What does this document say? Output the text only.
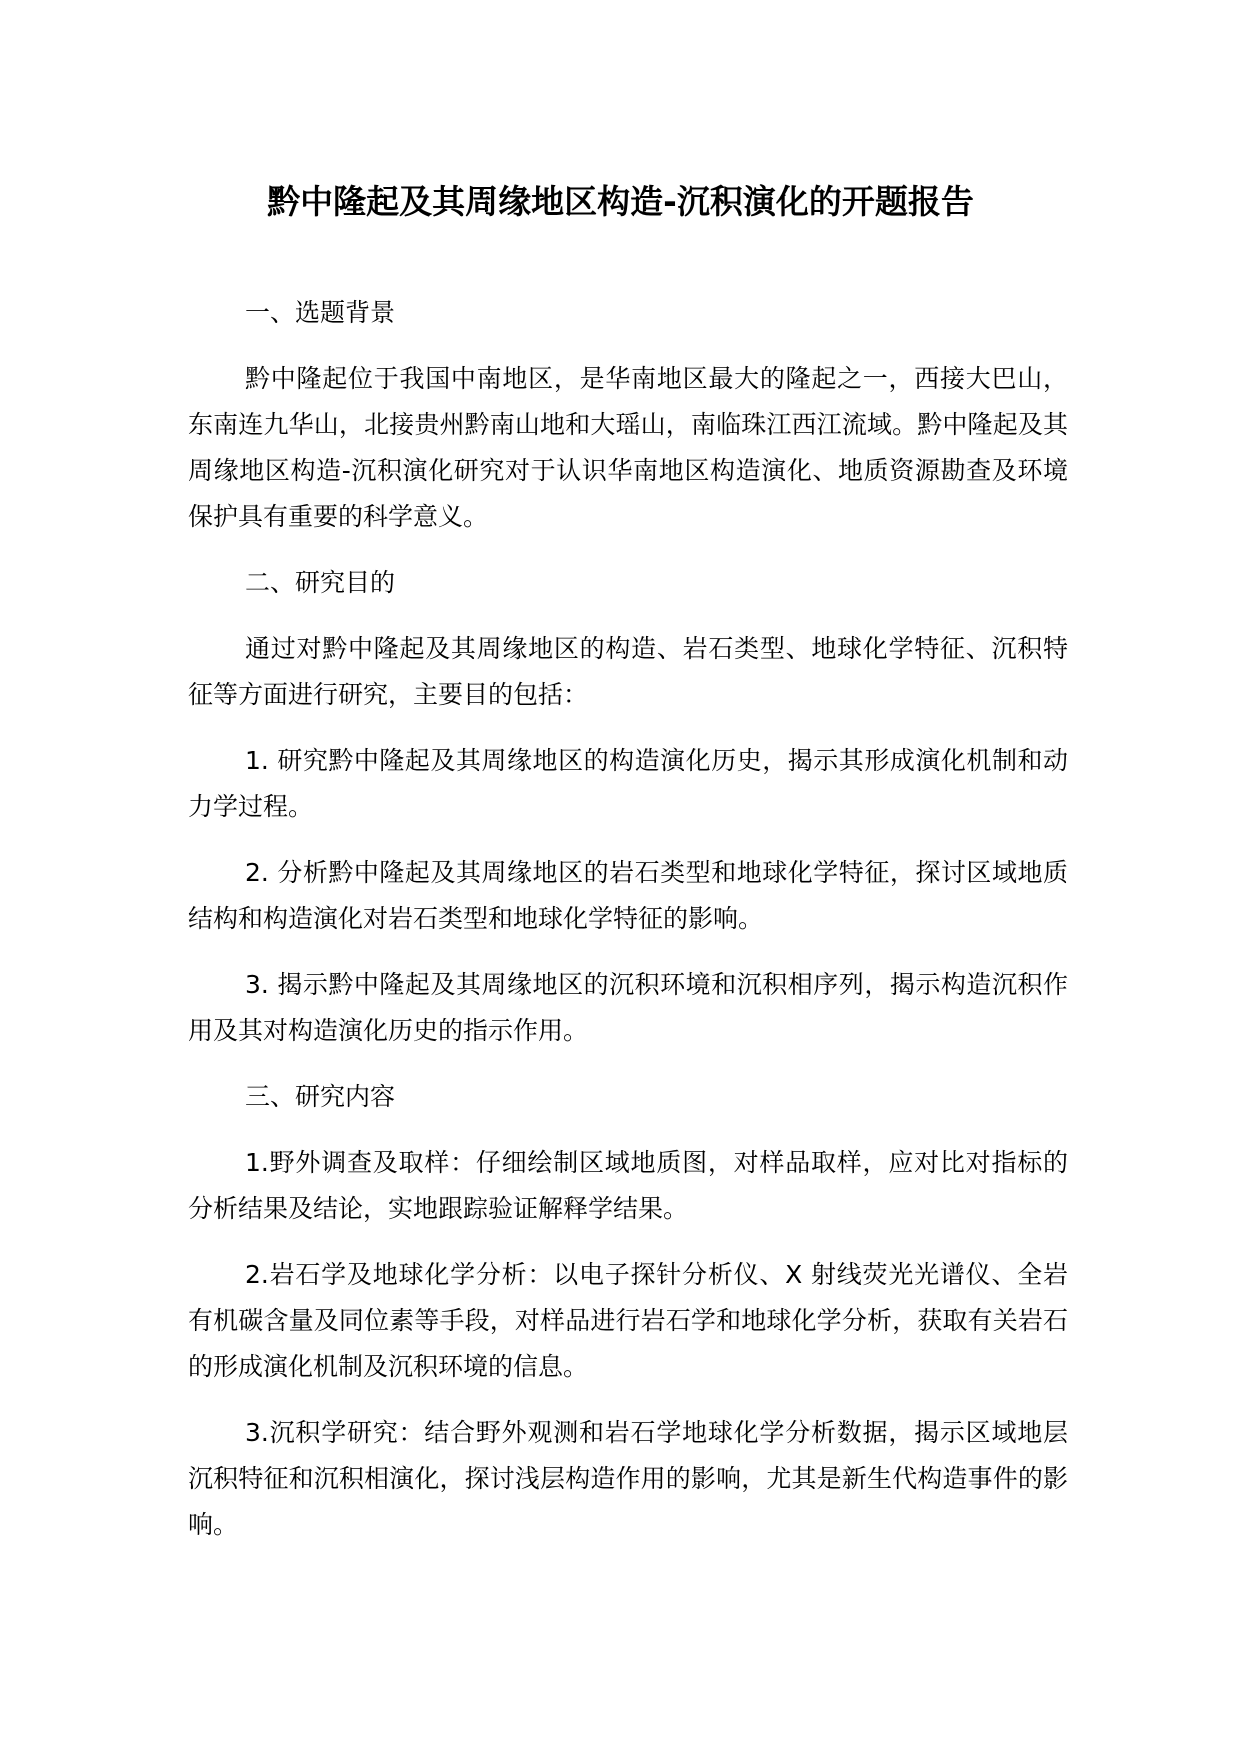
黔中隆起及其周缘地区构造-沉积演化的开题报告

一、选题背景

黔中隆起位于我国中南地区，是华南地区最大的隆起之一，西接大巴山，东南连九华山，北接贵州黔南山地和大瑶山，南临珠江西江流域。黔中隆起及其周缘地区构造-沉积演化研究对于认识华南地区构造演化、地质资源勘查及环境保护具有重要的科学意义。

二、研究目的

通过对黔中隆起及其周缘地区的构造、岩石类型、地球化学特征、沉积特征等方面进行研究，主要目的包括：

1. 研究黔中隆起及其周缘地区的构造演化历史，揭示其形成演化机制和动力学过程。

2. 分析黔中隆起及其周缘地区的岩石类型和地球化学特征，探讨区域地质结构和构造演化对岩石类型和地球化学特征的影响。

3. 揭示黔中隆起及其周缘地区的沉积环境和沉积相序列，揭示构造沉积作用及其对构造演化历史的指示作用。

三、研究内容

1.野外调查及取样：仔细绘制区域地质图，对样品取样，应对比对指标的分析结果及结论，实地跟踪验证解释学结果。

2.岩石学及地球化学分析：以电子探针分析仪、X 射线荧光光谱仪、全岩有机碳含量及同位素等手段，对样品进行岩石学和地球化学分析，获取有关岩石的形成演化机制及沉积环境的信息。

3.沉积学研究：结合野外观测和岩石学地球化学分析数据，揭示区域地层沉积特征和沉积相演化，探讨浅层构造作用的影响，尤其是新生代构造事件的影响。
